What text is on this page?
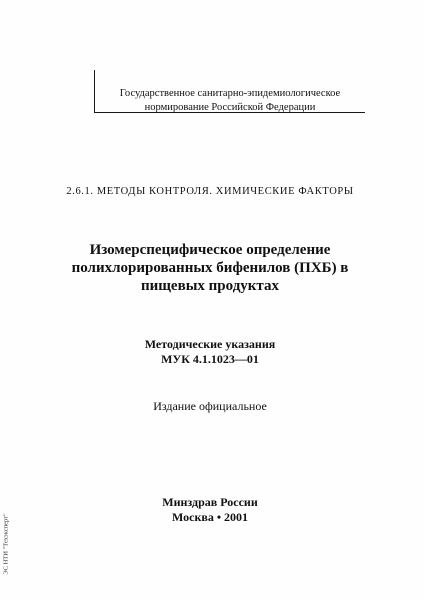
Государственное санитарно-эпидемиологическое
нормирование Российской Федерации
2.6.1. МЕТОДЫ КОНТРОЛЯ. ХИМИЧЕСКИЕ ФАКТОРЫ
Изомерспецифическое определение
полихлорированных бифенилов (ПХБ) в
пищевых продуктах
Методические указания
МУК 4.1.1023—01
Издание официальное
Минздрав России
Москва • 2001
ЭС НТИ "Техэксперт"
